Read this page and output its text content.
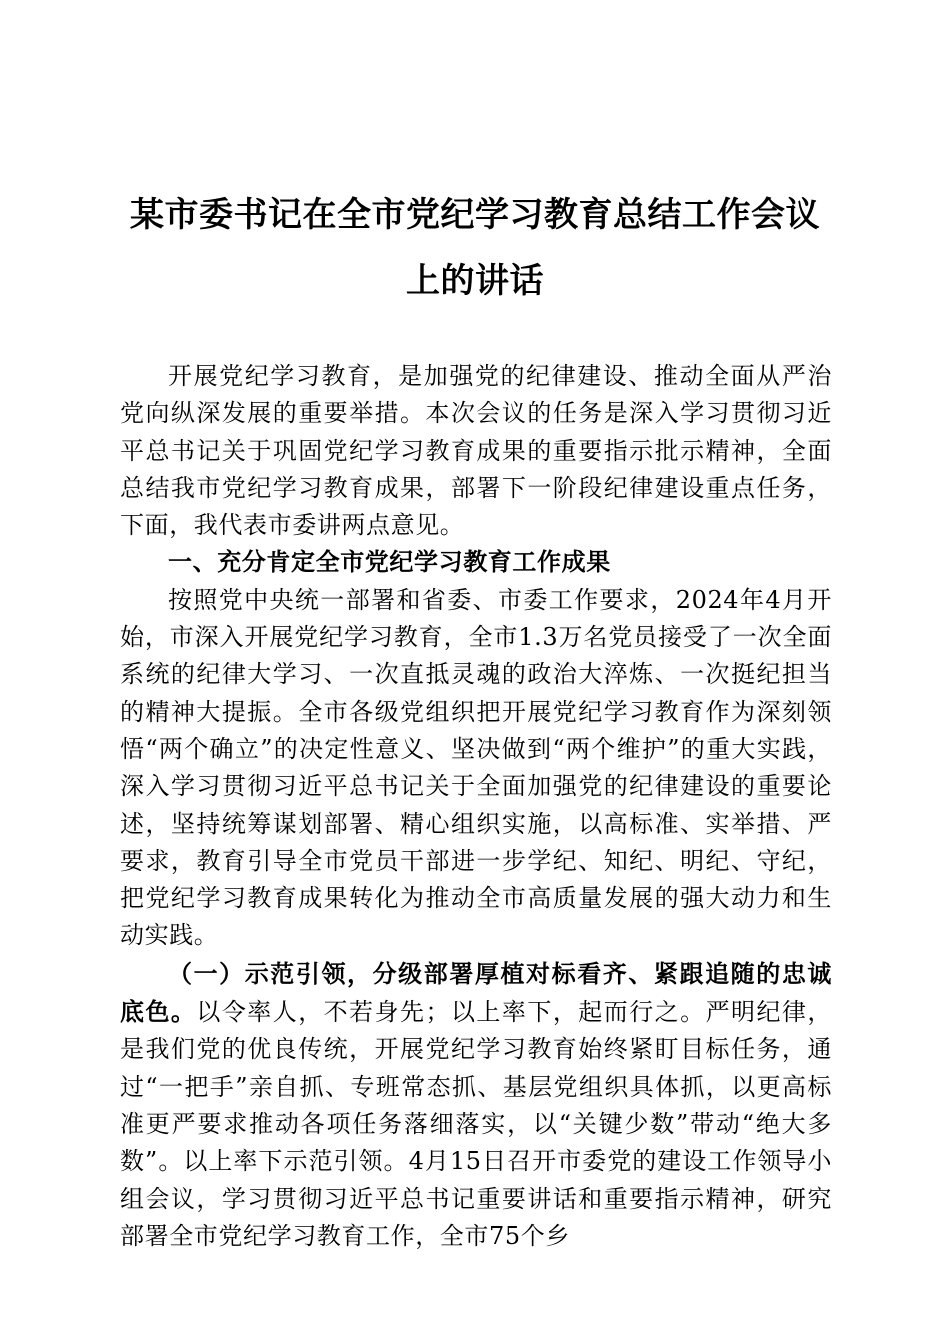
某市委书记在全市党纪学习教育总结工作会议上的讲话

开展党纪学习教育，是加强党的纪律建设、推动全面从严治党向纵深发展的重要举措。本次会议的任务是深入学习贯彻习近平总书记关于巩固党纪学习教育成果的重要指示批示精神，全面总结我市党纪学习教育成果，部署下一阶段纪律建设重点任务，下面，我代表市委讲两点意见。

一、充分肯定全市党纪学习教育工作成果

按照党中央统一部署和省委、市委工作要求，2024年4月开始，市深入开展党纪学习教育，全市1.3万名党员接受了一次全面系统的纪律大学习、一次直抵灵魂的政治大淬炼、一次挺纪担当的精神大提振。全市各级党组织把开展党纪学习教育作为深刻领悟“两个确立”的决定性意义、坚决做到“两个维护”的重大实践，深入学习贯彻习近平总书记关于全面加强党的纪律建设的重要论述，坚持统筹谋划部署、精心组织实施，以高标准、实举措、严要求，教育引导全市党员干部进一步学纪、知纪、明纪、守纪，把党纪学习教育成果转化为推动全市高质量发展的强大动力和生动实践。

（一）示范引领，分级部署厚植对标看齐、紧跟追随的忠诚底色。以令率人，不若身先；以上率下，起而行之。严明纪律，是我们党的优良传统，开展党纪学习教育始终紧盯目标任务，通过“一把手”亲自抓、专班常态抓、基层党组织具体抓，以更高标准更严要求推动各项任务落细落实，以“关键少数”带动“绝大多数”。以上率下示范引领。4月15日召开市委党的建设工作领导小组会议，学习贯彻习近平总书记重要讲话和重要指示精神，研究部署全市党纪学习教育工作，全市75个乡
